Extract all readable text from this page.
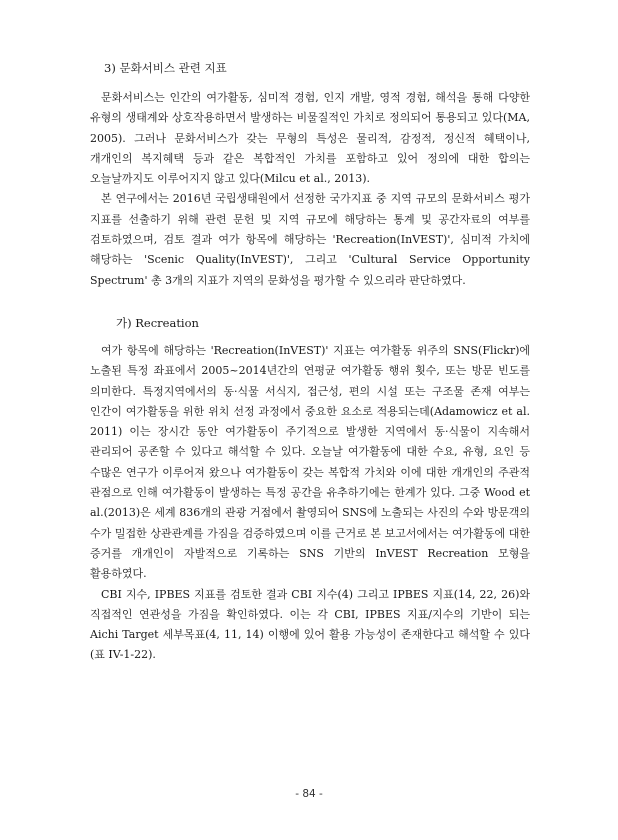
3) 문화서비스 관련 지표

문화서비스는 인간의 여가활동, 심미적 경험, 인지 개발, 영적 경험, 해석을 통해 다양한 유형의 생태계와 상호작용하면서 발생하는 비물질적인 가치로 정의되어 통용되고 있다(MA, 2005). 그러나 문화서비스가 갖는 무형의 특성은 물리적, 감정적, 정신적 혜택이나, 개개인의 복지혜택 등과 같은 복합적인 가치를 포함하고 있어 정의에 대한 합의는 오늘날까지도 이루어지지 않고 있다(Milcu et al., 2013).

본 연구에서는 2016년 국립생태원에서 선정한 국가지표 중 지역 규모의 문화서비스 평가 지표를 선출하기 위해 관련 문헌 및 지역 규모에 해당하는 통계 및 공간자료의 여부를 검토하였으며, 검토 결과 여가 항목에 해당하는 'Recreation(InVEST)', 심미적 가치에 해당하는 'Scenic Quality(InVEST)', 그리고 'Cultural Service Opportunity Spectrum' 총 3개의 지표가 지역의 문화성을 평가할 수 있으리라 판단하였다.

가) Recreation

여가 항목에 해당하는 'Recreation(InVEST)' 지표는 여가활동 위주의 SNS(Flickr)에 노출된 특정 좌표에서 2005~2014년간의 연평균 여가활동 행위 횟수, 또는 방문 빈도를 의미한다. 특정지역에서의 동·식물 서식지, 접근성, 편의 시설 또는 구조물 존재 여부는 인간이 여가활동을 위한 위치 선정 과정에서 중요한 요소로 적용되는데(Adamowicz et al. 2011) 이는 장시간 동안 여가활동이 주기적으로 발생한 지역에서 동·식물이 지속해서 관리되어 공존할 수 있다고 해석할 수 있다. 오늘날 여가활동에 대한 수요, 유형, 요인 등 수많은 연구가 이루어져 왔으나 여가활동이 갖는 복합적 가치와 이에 대한 개개인의 주관적 관점으로 인해 여가활동이 발생하는 특정 공간을 유추하기에는 한계가 있다. 그중 Wood et al.(2013)은 세계 836개의 관광 거점에서 촬영되어 SNS에 노출되는 사진의 수와 방문객의 수가 밀접한 상관관계를 가짐을 검증하였으며 이를 근거로 본 보고서에서는 여가활동에 대한 증거를 개개인이 자발적으로 기록하는 SNS 기반의 InVEST Recreation 모형을 활용하였다.

CBI 지수, IPBES 지표를 검토한 결과 CBI 지수(4) 그리고 IPBES 지표(14, 22, 26)와 직접적인 연관성을 가짐을 확인하였다. 이는 각 CBI, IPBES 지표/지수의 기반이 되는 Aichi Target 세부목표(4, 11, 14) 이행에 있어 활용 가능성이 존재한다고 해석할 수 있다(표 IV-1-22).

- 84 -
